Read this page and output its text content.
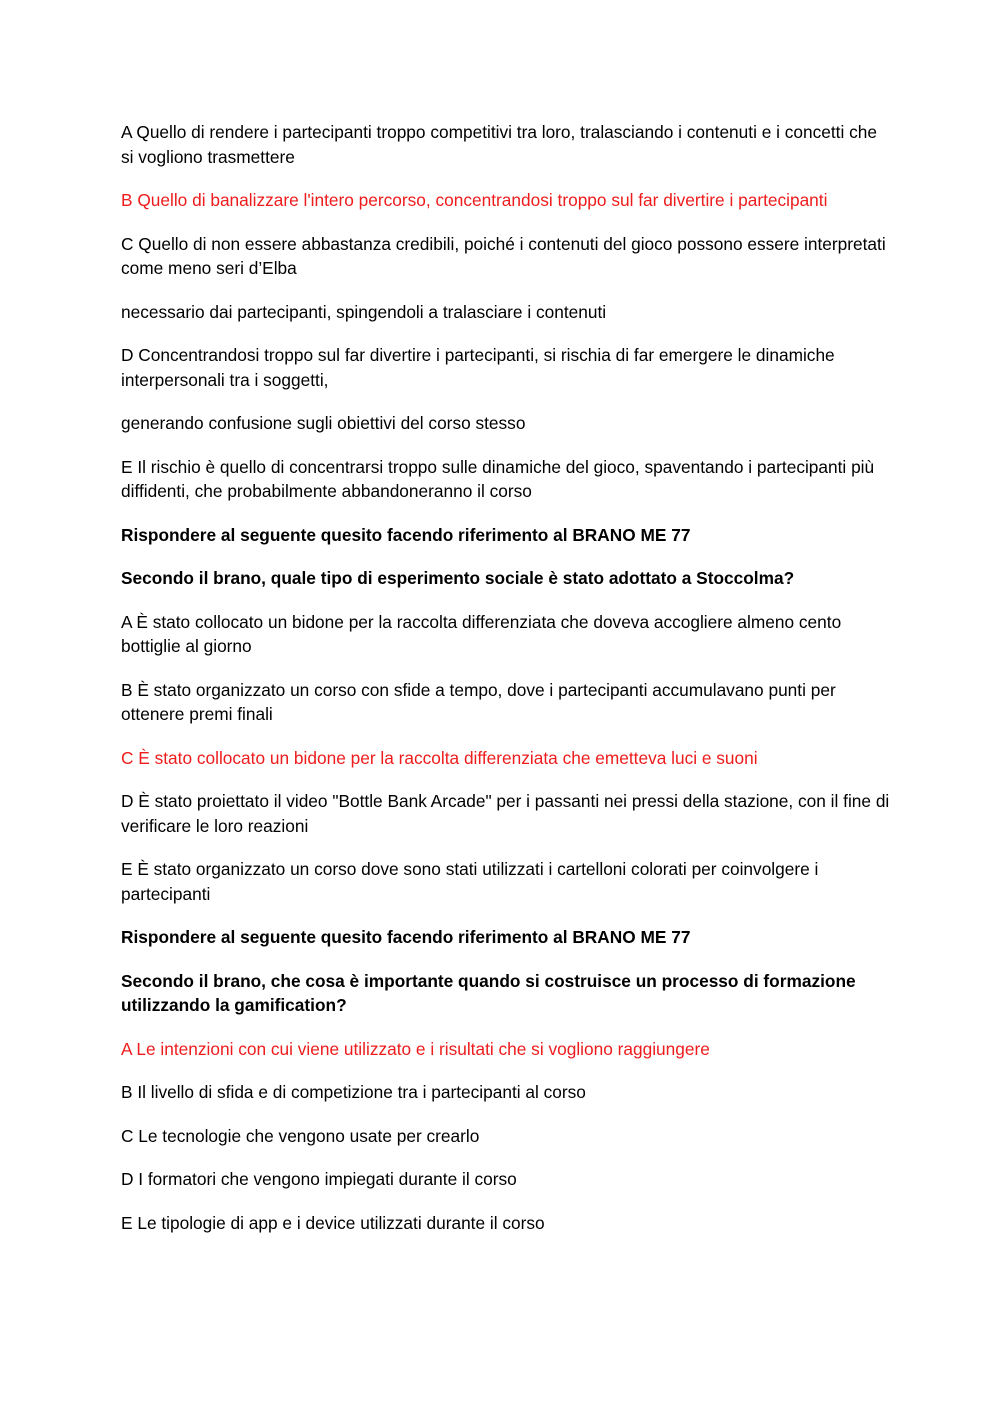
A Quello di rendere i partecipanti troppo competitivi tra loro, tralasciando i contenuti e i concetti che si vogliono trasmettere

B Quello di banalizzare l'intero percorso, concentrandosi troppo sul far divertire i partecipanti

C Quello di non essere abbastanza credibili, poiché i contenuti del gioco possono essere interpretati come meno seri d’Elba

necessario dai partecipanti, spingendoli a tralasciare i contenuti

D Concentrandosi troppo sul far divertire i partecipanti, si rischia di far emergere le dinamiche interpersonali tra i soggetti,

generando confusione sugli obiettivi del corso stesso

E Il rischio è quello di concentrarsi troppo sulle dinamiche del gioco, spaventando i partecipanti più diffidenti, che probabilmente abbandoneranno il corso

Rispondere al seguente quesito facendo riferimento al BRANO ME 77

Secondo il brano, quale tipo di esperimento sociale è stato adottato a Stoccolma?

A È stato collocato un bidone per la raccolta differenziata che doveva accogliere almeno cento bottiglie al giorno

B È stato organizzato un corso con sfide a tempo, dove i partecipanti accumulavano punti per ottenere premi finali

C È stato collocato un bidone per la raccolta differenziata che emetteva luci e suoni

D È stato proiettato il video "Bottle Bank Arcade" per i passanti nei pressi della stazione, con il fine di verificare le loro reazioni

E È stato organizzato un corso dove sono stati utilizzati i cartelloni colorati per coinvolgere i partecipanti

Rispondere al seguente quesito facendo riferimento al BRANO ME 77

Secondo il brano, che cosa è importante quando si costruisce un processo di formazione utilizzando la gamification?

A Le intenzioni con cui viene utilizzato e i risultati che si vogliono raggiungere

B Il livello di sfida e di competizione tra i partecipanti al corso

C Le tecnologie che vengono usate per crearlo

D I formatori che vengono impiegati durante il corso

E Le tipologie di app e i device utilizzati durante il corso
